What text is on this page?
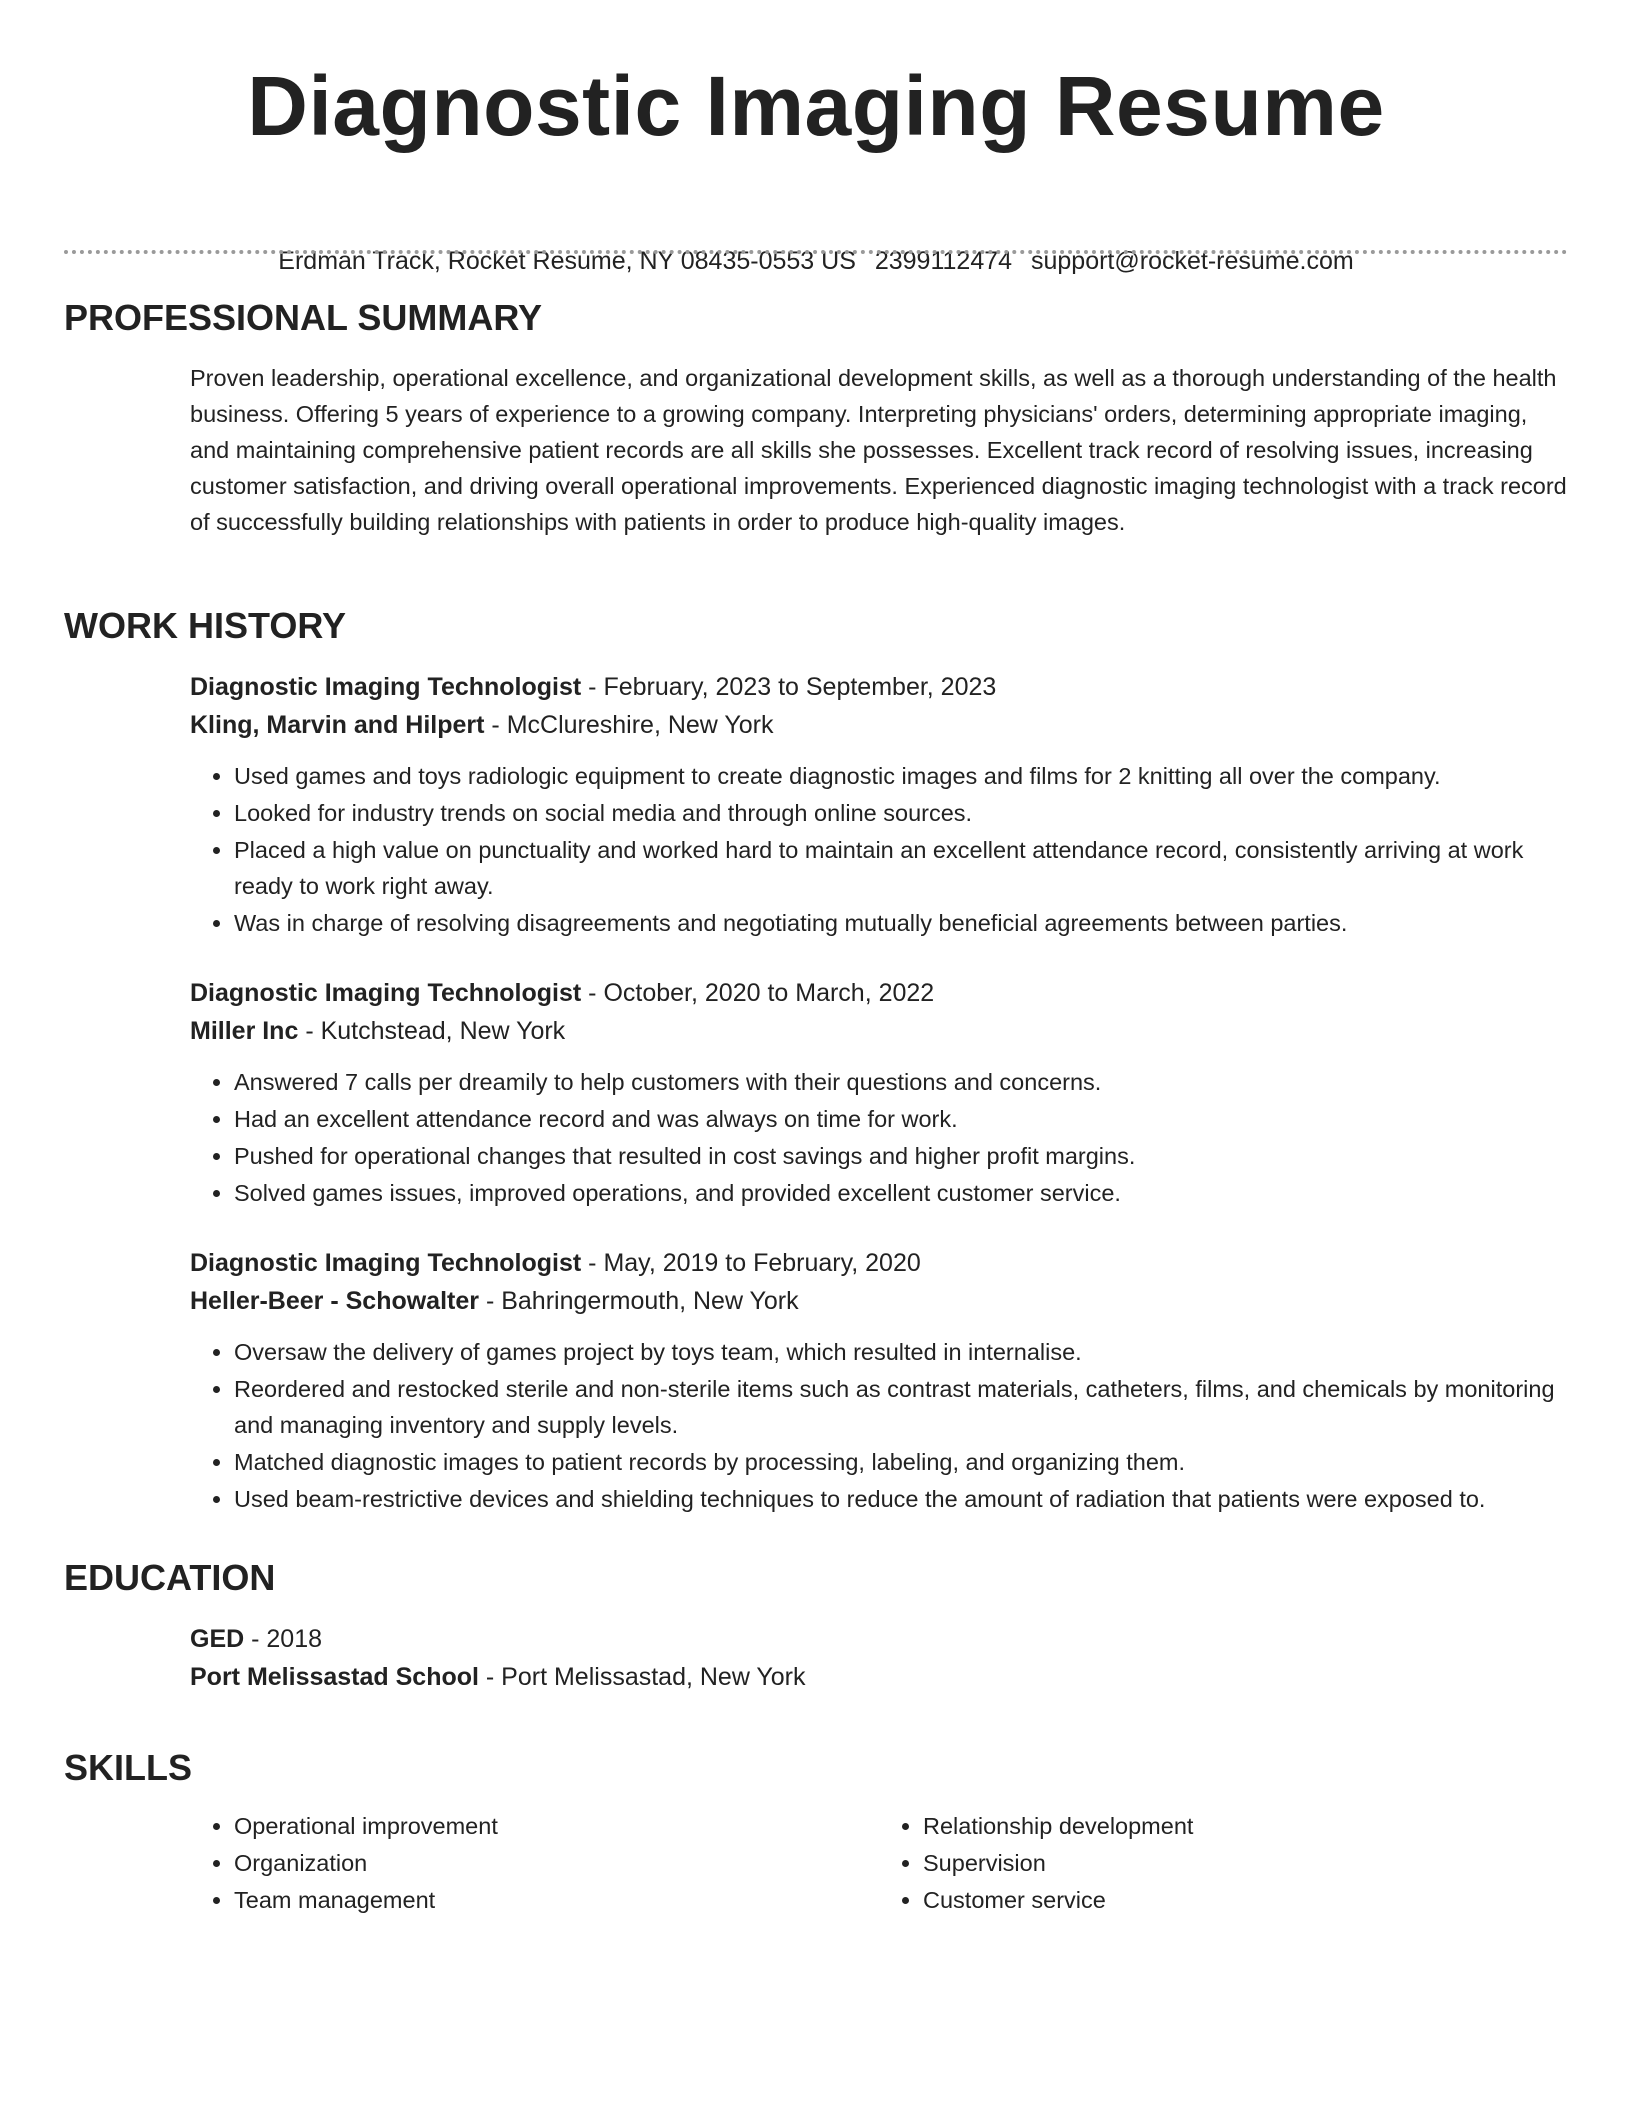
Diagnostic Imaging Resume
Erdman Track, Rocket Resume, NY 08435-0553 US 2399112474 support@rocket-resume.com
PROFESSIONAL SUMMARY

Proven leadership, operational excellence, and organizational development skills, as well as a thorough understanding of the health business. Offering 5 years of experience to a growing company. Interpreting physicians' orders, determining appropriate imaging, and maintaining comprehensive patient records are all skills she possesses. Excellent track record of resolving issues, increasing customer satisfaction, and driving overall operational improvements. Experienced diagnostic imaging technologist with a track record of successfully building relationships with patients in order to produce high-quality images.

WORK HISTORY

Diagnostic Imaging Technologist - February, 2023 to September, 2023

Kling, Marvin and Hilpert - McClureshire, New York

• Used games and toys radiologic equipment to create diagnostic images and films for 2 knitting all over the company.
• Looked for industry trends on social media and through online sources.
• Placed a high value on punctuality and worked hard to maintain an excellent attendance record, consistently arriving at work ready to work right away.
• Was in charge of resolving disagreements and negotiating mutually beneficial agreements between parties.

Diagnostic Imaging Technologist - October, 2020 to March, 2022

Miller Inc - Kutchstead, New York

• Answered 7 calls per dreamily to help customers with their questions and concerns.
• Had an excellent attendance record and was always on time for work.
• Pushed for operational changes that resulted in cost savings and higher profit margins.
• Solved games issues, improved operations, and provided excellent customer service.

Diagnostic Imaging Technologist - May, 2019 to February, 2020

Heller-Beer - Schowalter - Bahringermouth, New York

• Oversaw the delivery of games project by toys team, which resulted in internalise.
• Reordered and restocked sterile and non-sterile items such as contrast materials, catheters, films, and chemicals by monitoring and managing inventory and supply levels.
• Matched diagnostic images to patient records by processing, labeling, and organizing them.
• Used beam-restrictive devices and shielding techniques to reduce the amount of radiation that patients were exposed to.
EDUCATION

GED - 2018

Port Melissastad School - Port Melissastad, New York

SKILLS
• Operational improvement
• Organization
• Team management
• Relationship development
• Supervision
• Customer service
